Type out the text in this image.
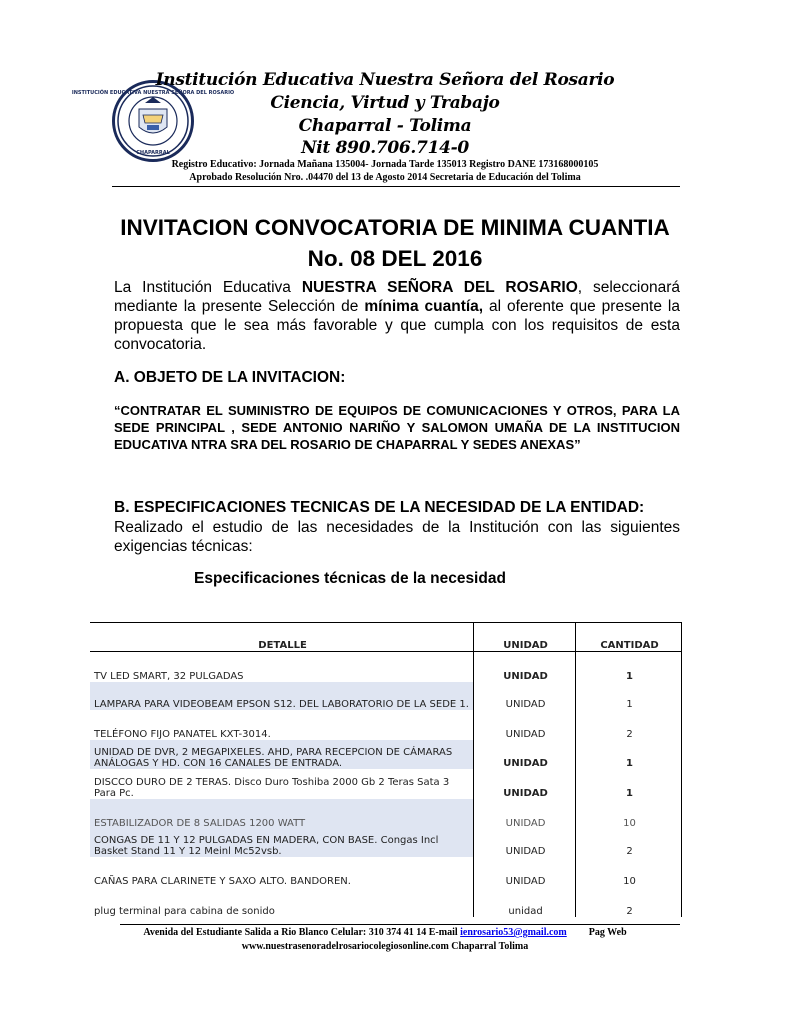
INSTITUCIÓN EDUCATIVA NUESTRA SEÑORA DEL ROSARIO
CHAPARRAL
Institución Educativa Nuestra Señora del Rosario
Ciencia, Virtud y Trabajo
Chaparral - Tolima
Nit 890.706.714-0
Registro Educativo: Jornada Mañana 135004- Jornada Tarde 135013 Registro DANE 173168000105
Aprobado Resolución Nro. .04470 del 13 de Agosto 2014 Secretaria de Educación del Tolima
INVITACION CONVOCATORIA DE MINIMA CUANTIA
No. 08 DEL 2016
La Institución Educativa NUESTRA SEÑORA DEL ROSARIO, seleccionará mediante la presente Selección de mínima cuantía, al oferente que presente la propuesta que le sea más favorable y que cumpla con los requisitos de esta convocatoria.
A. OBJETO DE LA INVITACION:
“CONTRATAR EL SUMINISTRO DE EQUIPOS DE COMUNICACIONES Y OTROS, PARA LA SEDE PRINCIPAL , SEDE ANTONIO NARIÑO Y SALOMON UMAÑA DE LA INSTITUCION EDUCATIVA NTRA SRA DEL ROSARIO DE CHAPARRAL Y SEDES ANEXAS”
B. ESPECIFICACIONES TECNICAS DE LA NECESIDAD DE LA ENTIDAD:
Realizado el estudio de las necesidades de la Institución con las siguientes exigencias técnicas:
Especificaciones técnicas de la necesidad
DETALLE	UNIDAD	CANTIDAD
TV LED SMART, 32 PULGADAS	UNIDAD	1
LAMPARA PARA VIDEOBEAM EPSON S12. DEL LABORATORIO DE LA SEDE 1.	UNIDAD	1
TELÉFONO FIJO PANATEL KXT-3014.	UNIDAD	2
UNIDAD DE DVR, 2 MEGAPIXELES. AHD, PARA RECEPCION DE CÁMARAS ANÁLOGAS Y HD. CON 16 CANALES DE ENTRADA.	UNIDAD	1
DISCCO DURO DE 2 TERAS. Disco Duro Toshiba 2000 Gb 2 Teras Sata 3 Para Pc.	UNIDAD	1
ESTABILIZADOR DE 8 SALIDAS 1200 WATT	UNIDAD	10
CONGAS DE 11 Y 12 PULGADAS EN MADERA, CON BASE. Congas Incl Basket Stand 11 Y 12 Meinl Mc52vsb.	UNIDAD	2
CAÑAS PARA CLARINETE Y SAXO ALTO. BANDOREN.	UNIDAD	10
plug terminal para cabina de sonido	unidad	2
Avenida del Estudiante Salida a Rio Blanco Celular: 310 374 41 14 E-mail ienrosario53@gmail.com Pag Web
www.nuestrasenoradelrosariocolegiosonline.com Chaparral Tolima
